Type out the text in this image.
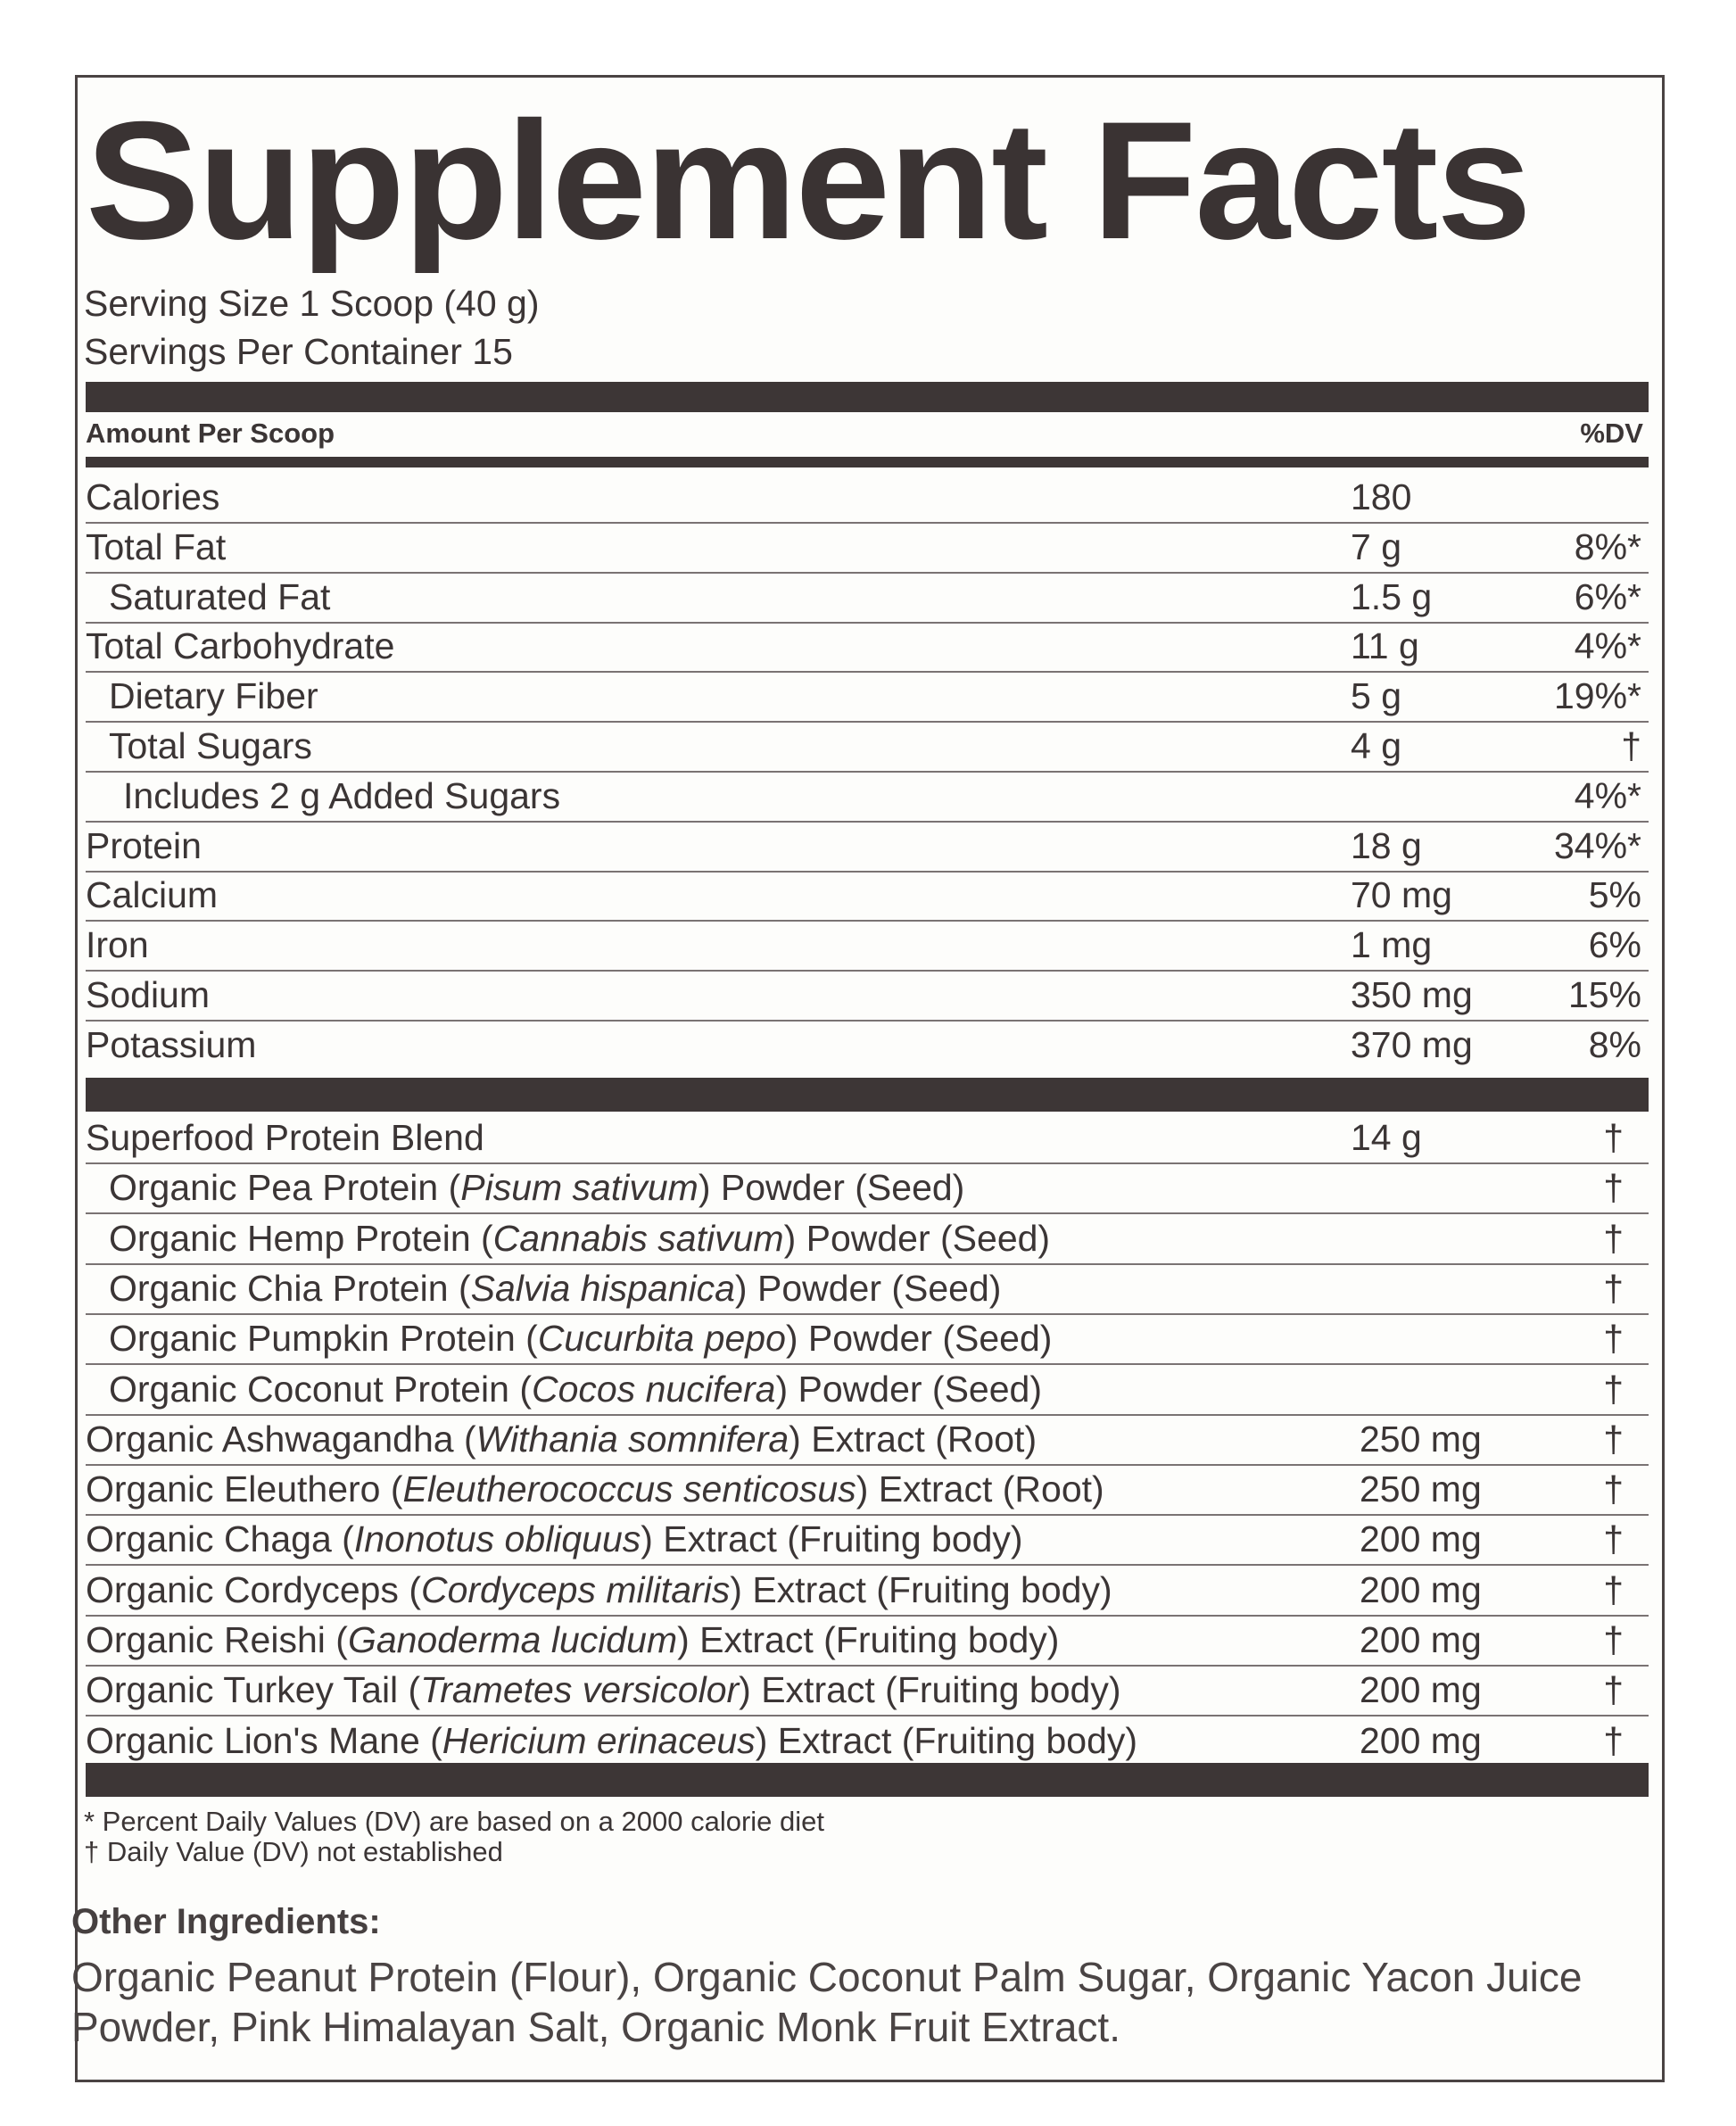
Supplement Facts
Serving Size 1 Scoop (40 g)
Servings Per Container 15
Amount Per Scoop	%DV
Calories	180
Total Fat	7 g	8%*
Saturated Fat	1.5 g	6%*
Total Carbohydrate	11 g	4%*
Dietary Fiber	5 g	19%*
Total Sugars	4 g	†
Includes 2 g Added Sugars	4%*
Protein	18 g	34%*
Calcium	70 mg	5%
Iron	1 mg	6%
Sodium	350 mg	15%
Potassium	370 mg	8%
Superfood Protein Blend	14 g	†
Organic Pea Protein (Pisum sativum) Powder (Seed)	†
Organic Hemp Protein (Cannabis sativum) Powder (Seed)	†
Organic Chia Protein (Salvia hispanica) Powder (Seed)	†
Organic Pumpkin Protein (Cucurbita pepo) Powder (Seed)	†
Organic Coconut Protein (Cocos nucifera) Powder (Seed)	†
Organic Ashwagandha (Withania somnifera) Extract (Root)	250 mg	†
Organic Eleuthero (Eleutherococcus senticosus) Extract (Root)	250 mg	†
Organic Chaga (Inonotus obliquus) Extract (Fruiting body)	200 mg	†
Organic Cordyceps (Cordyceps militaris) Extract (Fruiting body)	200 mg	†
Organic Reishi (Ganoderma lucidum) Extract (Fruiting body)	200 mg	†
Organic Turkey Tail (Trametes versicolor) Extract (Fruiting body)	200 mg	†
Organic Lion's Mane (Hericium erinaceus) Extract (Fruiting body)	200 mg	†
* Percent Daily Values (DV) are based on a 2000 calorie diet
† Daily Value (DV) not established
Other Ingredients:
Organic Peanut Protein (Flour), Organic Coconut Palm Sugar, Organic Yacon Juice Powder, Pink Himalayan Salt, Organic Monk Fruit Extract.
